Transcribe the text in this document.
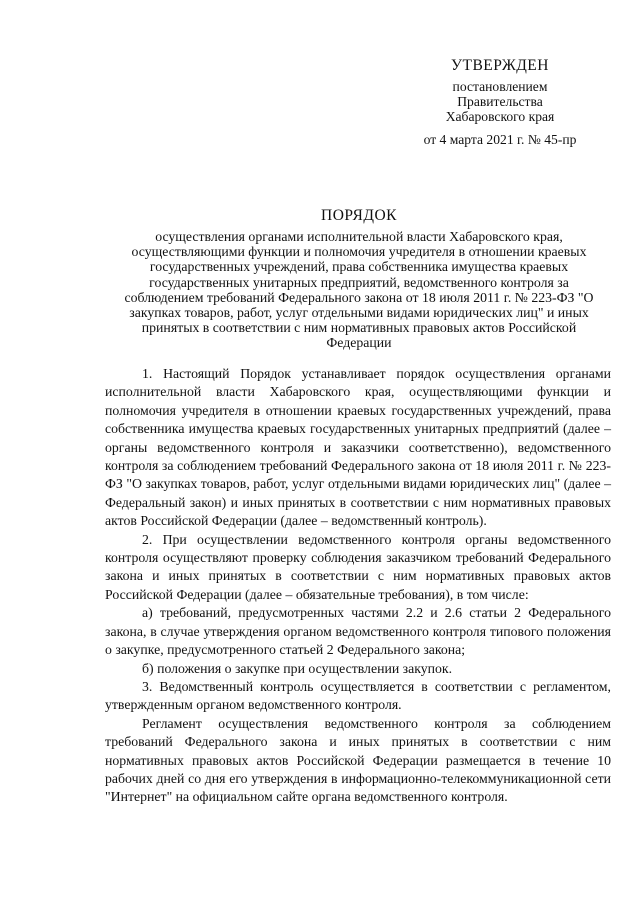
УТВЕРЖДЕН
постановлением
Правительства
Хабаровского края
от 4 марта 2021 г. № 45-пр
ПОРЯДОК
осуществления органами исполнительной власти Хабаровского края, осуществляющими функции и полномочия учредителя в отношении краевых государственных учреждений, права собственника имущества краевых государственных унитарных предприятий, ведомственного контроля за соблюдением требований Федерального закона от 18 июля 2011 г. № 223-ФЗ "О закупках товаров, работ, услуг отдельными видами юридических лиц" и иных принятых в соответствии с ним нормативных правовых актов Российской Федерации

1. Настоящий Порядок устанавливает порядок осуществления органами исполнительной власти Хабаровского края, осуществляющими функции и полномочия учредителя в отношении краевых государственных учреждений, права собственника имущества краевых государственных унитарных предприятий (далее – органы ведомственного контроля и заказчики соответственно), ведомственного контроля за соблюдением требований Федерального закона от 18 июля 2011 г. № 223-ФЗ "О закупках товаров, работ, услуг отдельными видами юридических лиц" (далее – Федеральный закон) и иных принятых в соответствии с ним нормативных правовых актов Российской Федерации (далее – ведомственный контроль).

2. При осуществлении ведомственного контроля органы ведомственного контроля осуществляют проверку соблюдения заказчиком требований Федерального закона и иных принятых в соответствии с ним нормативных правовых актов Российской Федерации (далее – обязательные требования), в том числе:

а) требований, предусмотренных частями 2.2 и 2.6 статьи 2 Федерального закона, в случае утверждения органом ведомственного контроля типового положения о закупке, предусмотренного статьей 2 Федерального закона;

б) положения о закупке при осуществлении закупок.

3. Ведомственный контроль осуществляется в соответствии с регламентом, утвержденным органом ведомственного контроля.

Регламент осуществления ведомственного контроля за соблюдением требований Федерального закона и иных принятых в соответствии с ним нормативных правовых актов Российской Федерации размещается в течение 10 рабочих дней со дня его утверждения в информационно-телекоммуникационной сети "Интернет" на официальном сайте органа ведомственного контроля.
